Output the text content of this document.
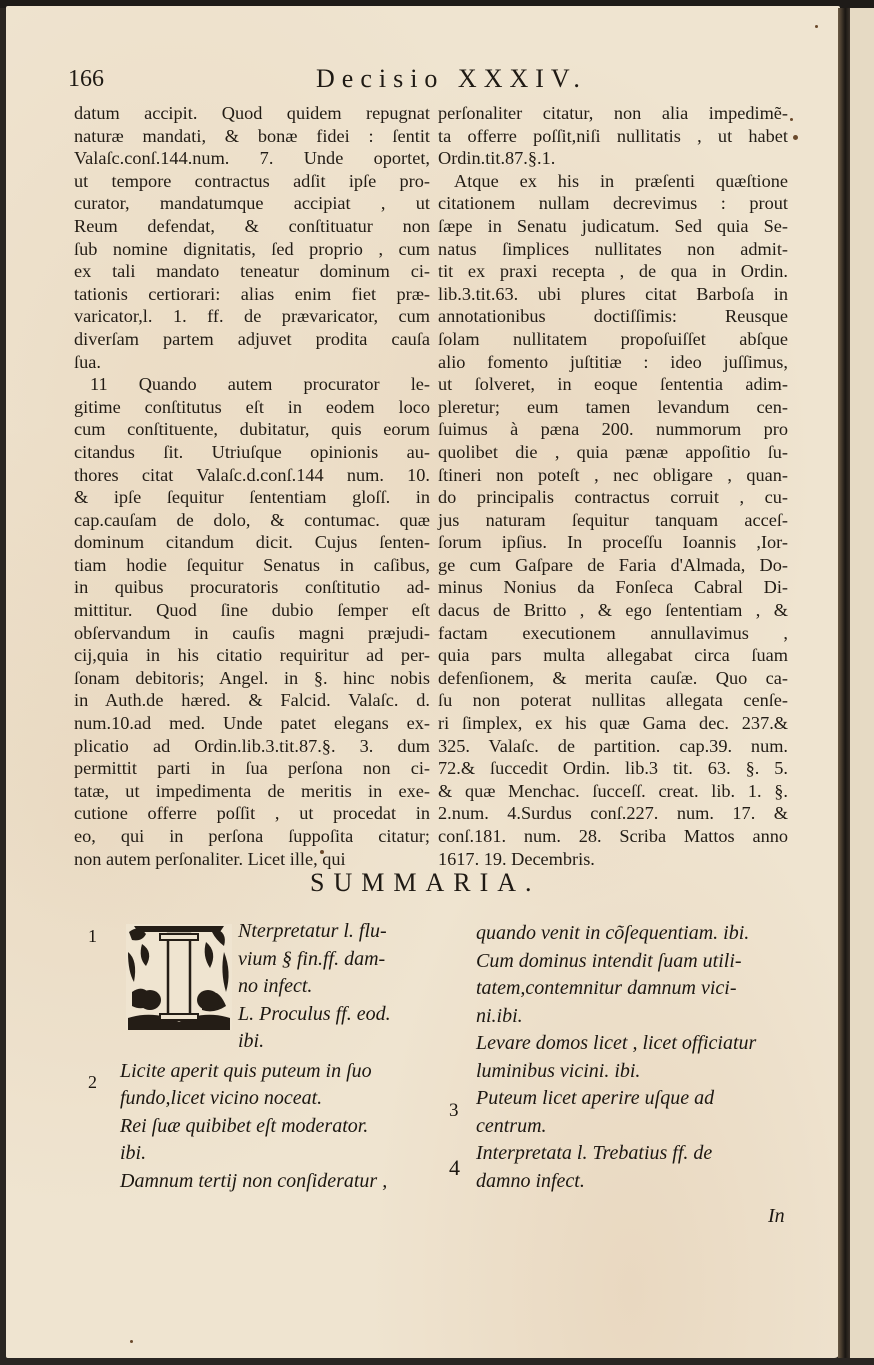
166	Decisio XXXIV.
datum accipit. Quod quidem repugnat
naturæ mandati, & bonæ fidei : ſentit
Valaſc.conſ.144.num. 7. Unde oportet,
ut tempore contractus adſit ipſe pro-
curator, mandatumque accipiat , ut
Reum defendat, & conſtituatur non
ſub nomine dignitatis, ſed proprio , cum
ex tali mandato teneatur dominum ci-
tationis certiorari: alias enim fiet præ-
varicator,l. 1. ff. de prævaricator, cum
diverſam partem adjuvet prodita cauſa
ſua.
11 Quando autem procurator le-
gitime conſtitutus eſt in eodem loco
cum conſtituente, dubitatur, quis eorum
citandus ſit. Utriuſque opinionis au-
thores citat Valaſc.d.conſ.144 num. 10.
& ipſe ſequitur ſententiam gloſſ. in
cap.cauſam de dolo, & contumac. quæ
dominum citandum dicit. Cujus ſenten-
tiam hodie ſequitur Senatus in caſibus,
in quibus procuratoris conſtitutio ad-
mittitur. Quod ſine dubio ſemper eſt
obſervandum in cauſis magni præjudi-
cij,quia in his citatio requiritur ad per-
ſonam debitoris; Angel. in §. hinc nobis
in Auth.de hæred. & Falcid. Valaſc. d.
num.10.ad med. Unde patet elegans ex-
plicatio ad Ordin.lib.3.tit.87.§. 3. dum
permittit parti in ſua perſona non ci-
tatæ, ut impedimenta de meritis in exe-
cutione offerre poſſit , ut procedat in
eo, qui in perſona ſuppoſita citatur;
non autem perſonaliter. Licet ille, qui
perſonaliter citatur, non alia impedimẽ-
ta offerre poſſit,niſi nullitatis , ut habet
Ordin.tit.87.§.1.
Atque ex his in præſenti quæſtione
citationem nullam decrevimus : prout
ſæpe in Senatu judicatum. Sed quia Se-
natus ſimplices nullitates non admit-
tit ex praxi recepta , de qua in Ordin.
lib.3.tit.63. ubi plures citat Barboſa in
annotationibus doctiſſimis: Reusque
ſolam nullitatem propoſuiſſet abſque
alio fomento juſtitiæ : ideo juſſimus,
ut ſolveret, in eoque ſententia adim-
pleretur; eum tamen levandum cen-
ſuimus à pæna 200. nummorum pro
quolibet die , quia pænæ appoſitio ſu-
ſtineri non poteſt , nec obligare , quan-
do principalis contractus corruit , cu-
jus naturam ſequitur tanquam acceſ-
ſorum ipſius. In proceſſu Ioannis ,Ior-
ge cum Gaſpare de Faria d'Almada, Do-
minus Nonius da Fonſeca Cabral Di-
dacus de Britto , & ego ſententiam , &
factam executionem annullavimus ,
quia pars multa allegabat circa ſuam
defenſionem, & merita cauſæ. Quo ca-
ſu non poterat nullitas allegata cenſe-
ri ſimplex, ex his quæ Gama dec. 237.&
325. Valaſc. de partition. cap.39. num.
72.& ſuccedit Ordin. lib.3 tit. 63. §. 5.
& quæ Menchac. ſucceſſ. creat. lib. 1. §.
2.num. 4.Surdus conſ.227. num. 17. &
conſ.181. num. 28. Scriba Mattos anno
1617. 19. Decembris.
SUMMARIA.
1
2
3
4
Nterpretatur l. flu-
vium § fin.ff. dam-
no infect.
L. Proculus ff. eod.
ibi.
Licite aperit quis puteum in ſuo
fundo,licet vicino noceat.
Rei ſuæ quibibet eſt moderator.
ibi.
Damnum tertij non conſideratur ,
quando venit in cõſequentiam. ibi.
Cum dominus intendit ſuam utili-
tatem,contemnitur damnum vici-
ni.ibi.
Levare domos licet , licet officiatur
luminibus vicini. ibi.
Puteum licet aperire uſque ad
centrum.
Interpretata l. Trebatius ff. de
damno infect.
In
